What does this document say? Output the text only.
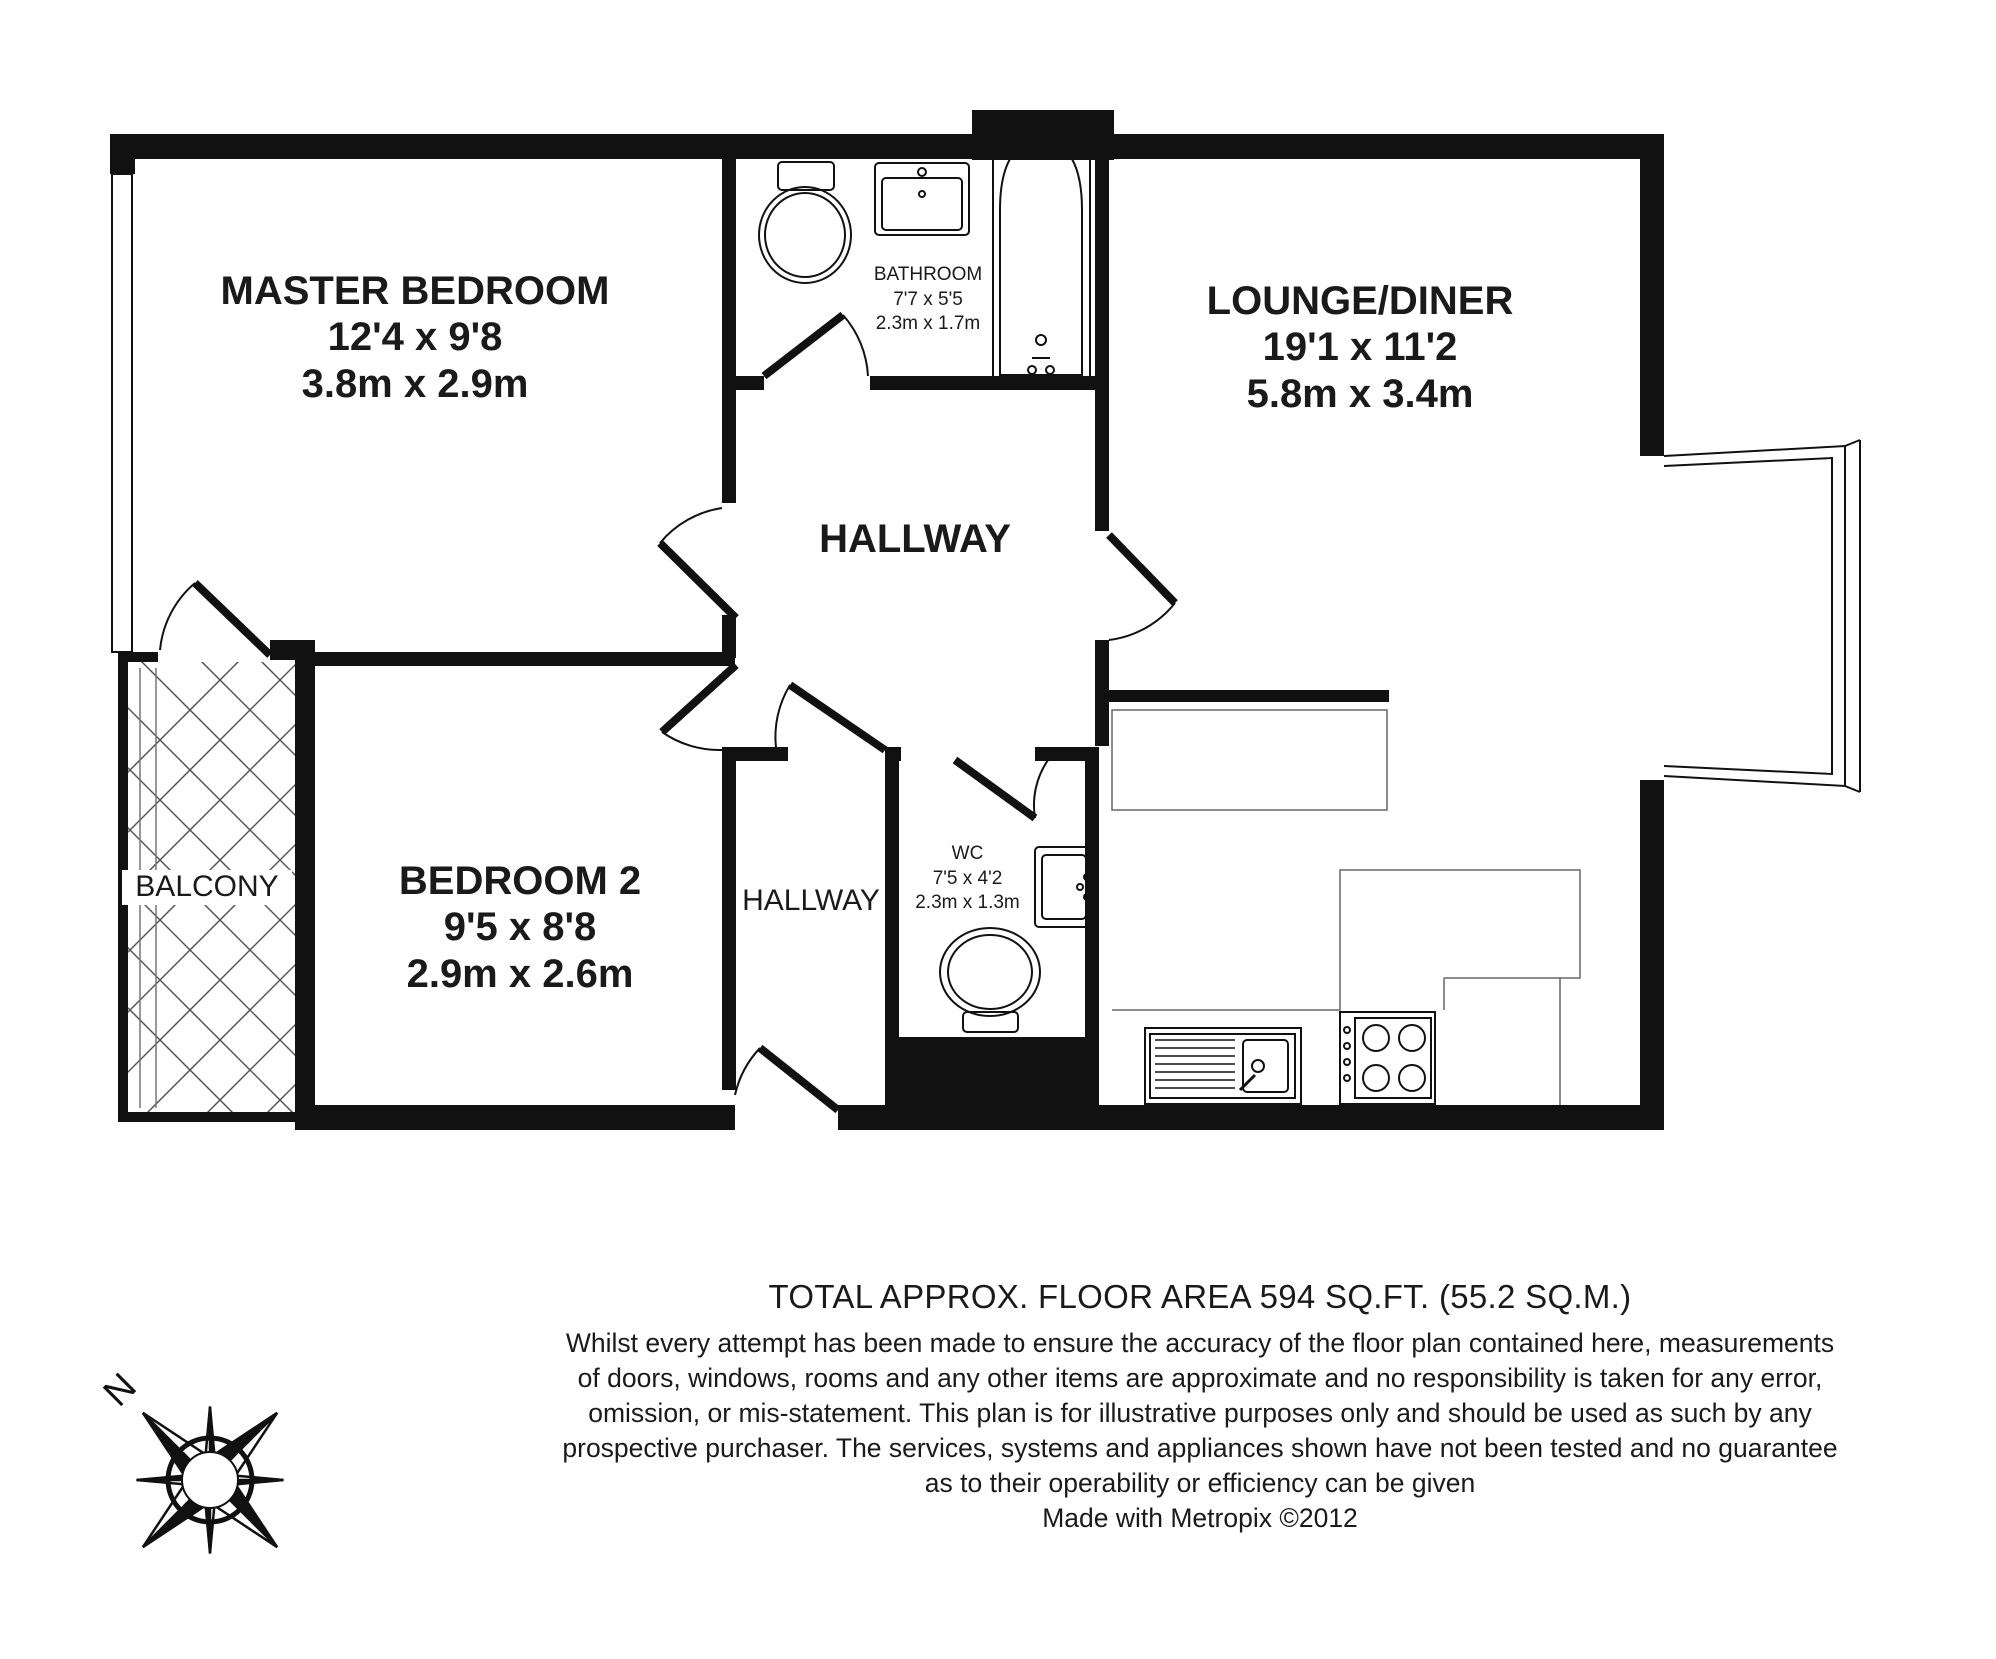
N
MASTER BEDROOM
12'4 x 9'8
3.8m x 2.9m
BATHROOM
7'7 x 5'5
2.3m x 1.7m
LOUNGE/DINER
19'1 x 11'2
5.8m x 3.4m
HALLWAY
BALCONY	BEDROOM 2
9'5 x 8'8
2.9m x 2.6m
HALLWAY
WC
7'5 x 4'2
2.3m x 1.3m
TOTAL APPROX. FLOOR AREA 594 SQ.FT. (55.2 SQ.M.)
Whilst every attempt has been made to ensure the accuracy of the floor plan contained here, measurements
of doors, windows, rooms and any other items are approximate and no responsibility is taken for any error,
omission, or mis-statement. This plan is for illustrative purposes only and should be used as such by any
prospective purchaser. The services, systems and appliances shown have not been tested and no guarantee
as to their operability or efficiency can be given
Made with Metropix ©2012
